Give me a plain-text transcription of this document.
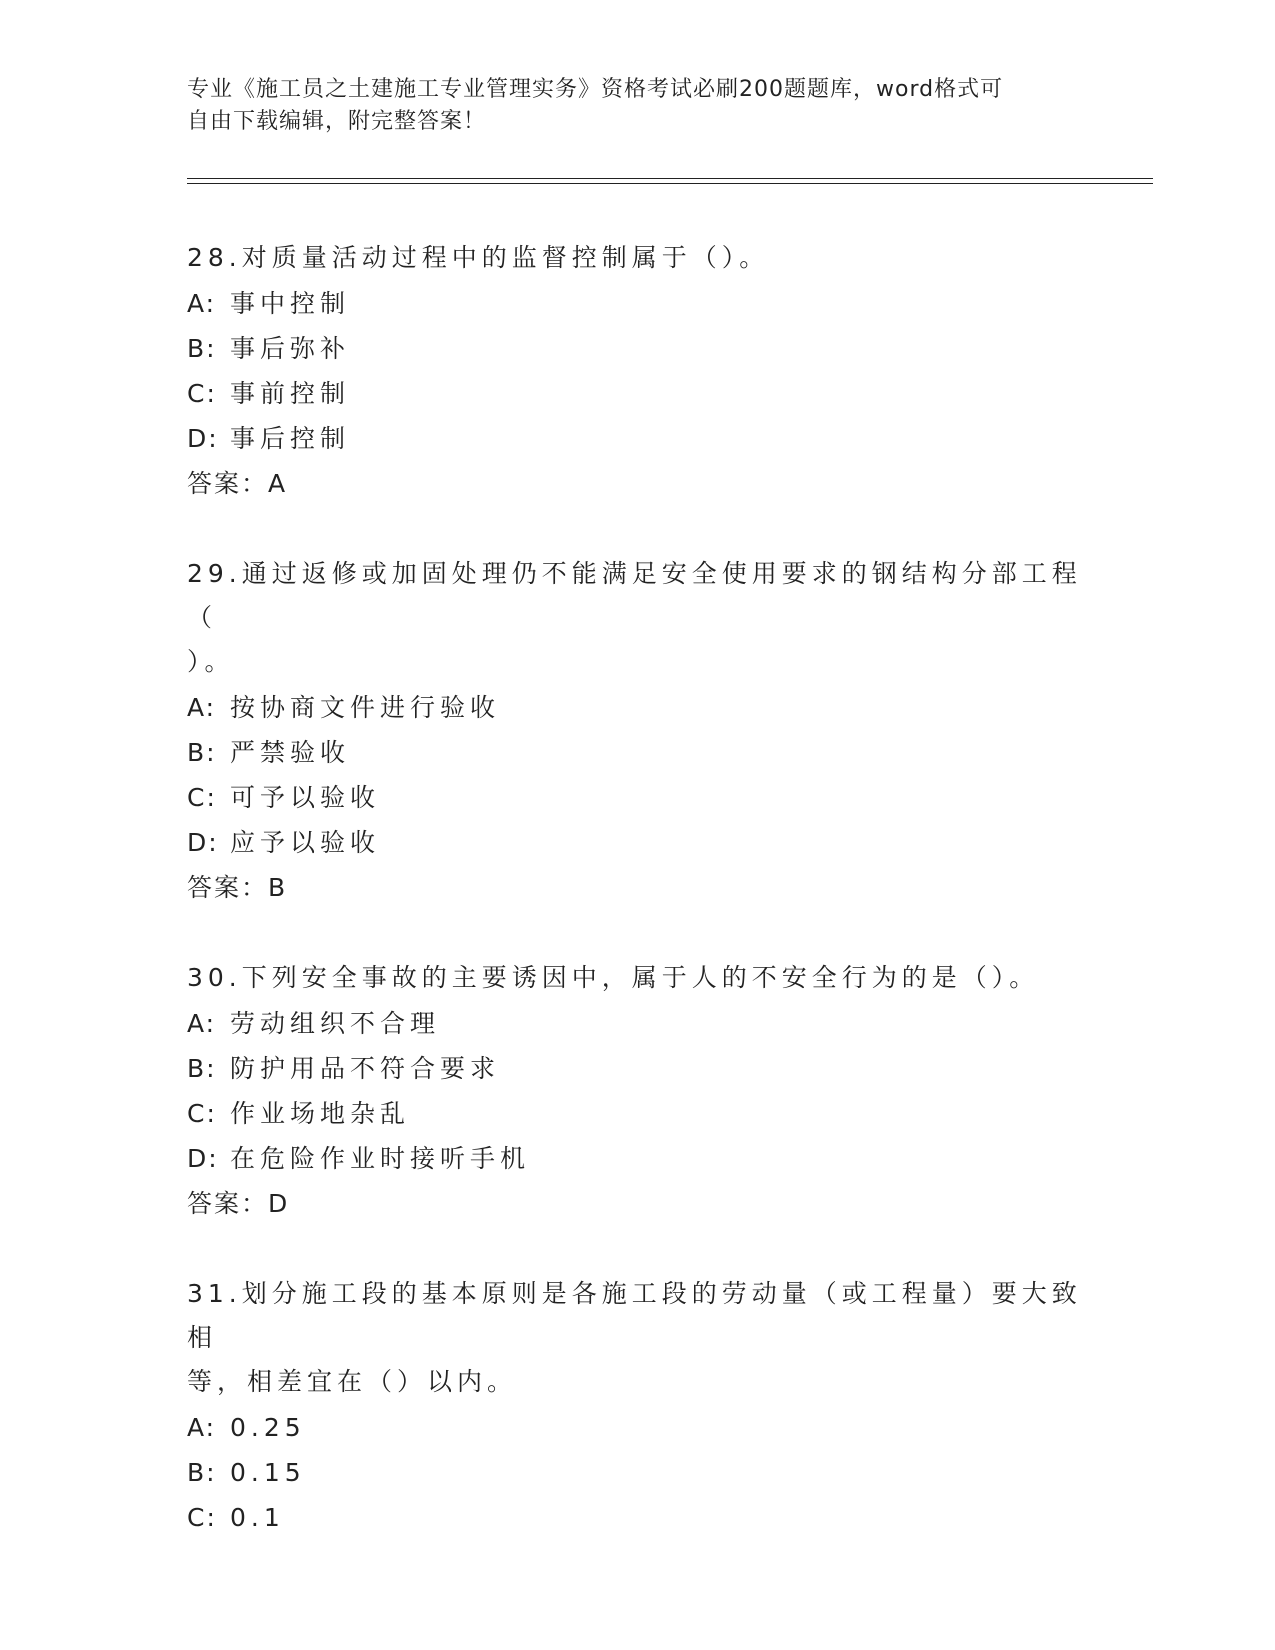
专业《施工员之土建施工专业管理实务》资格考试必刷200题题库，word格式可
自由下载编辑，附完整答案！
28.对质量活动过程中的监督控制属于（）。
A: 事中控制
B: 事后弥补
C: 事前控制
D: 事后控制
答案：A
29.通过返修或加固处理仍不能满足安全使用要求的钢结构分部工程（
）。
A: 按协商文件进行验收
B: 严禁验收
C: 可予以验收
D: 应予以验收
答案：B
30.下列安全事故的主要诱因中，属于人的不安全行为的是（）。
A: 劳动组织不合理
B: 防护用品不符合要求
C: 作业场地杂乱
D: 在危险作业时接听手机
答案：D
31.划分施工段的基本原则是各施工段的劳动量（或工程量）要大致相
等，相差宜在（）以内。
A: 0.25
B: 0.15
C: 0.1
